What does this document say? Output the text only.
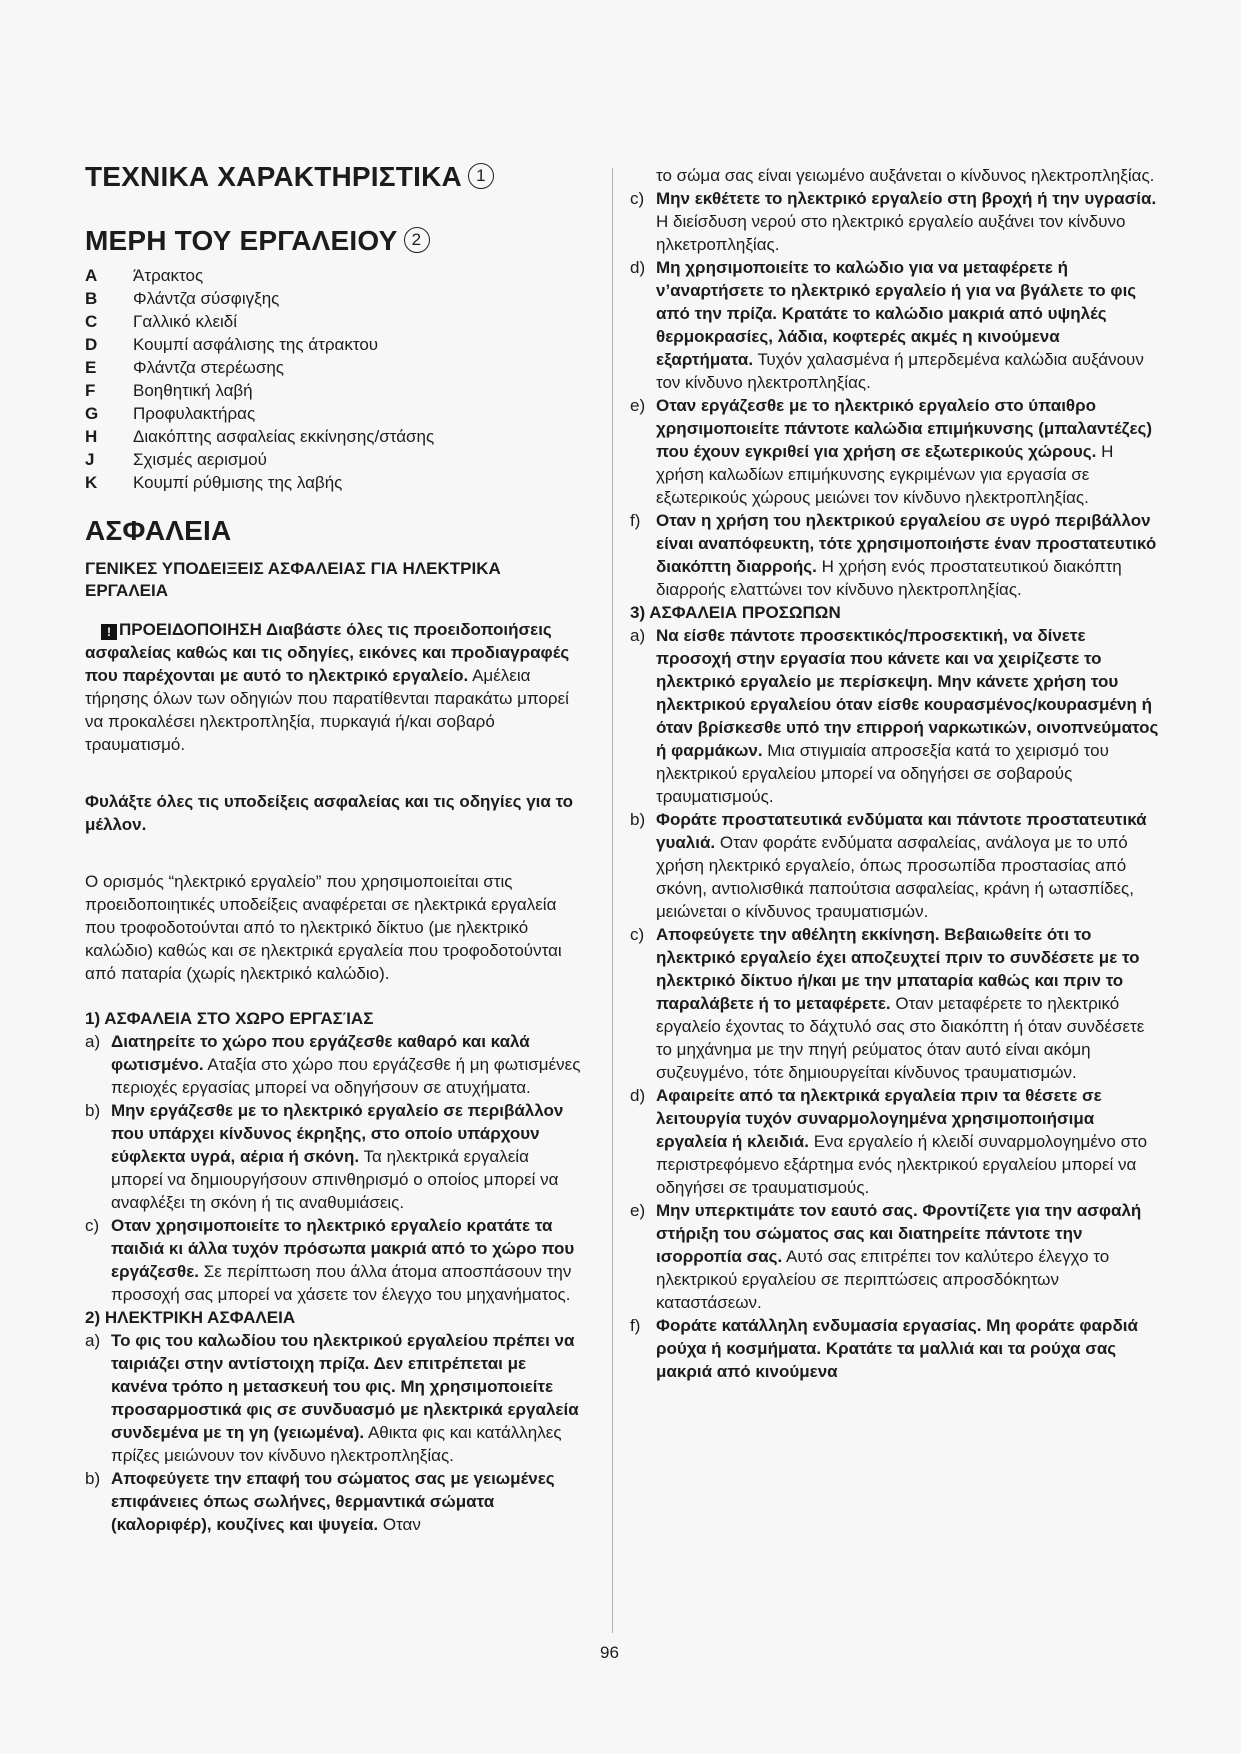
ΤΕΧΝΙΚΑ ΧΑΡΑΚΤΗΡΙΣΤΙΚΑ 1
ΜΕΡΗ ΤΟΥ ΕΡΓΑΛΕΙΟΥ 2
A	Άτρακτος
B	Φλάντζα σύσφιγξης
C	Γαλλικό κλειδί
D	Κουμπί ασφάλισης της άτρακτου
E	Φλάντζα στερέωσης
F	Βοηθητική λαβή
G	Προφυλακτήρας
H	Διακόπτης ασφαλείας εκκίνησης/στάσης
J	Σχισμές αερισμού
K	Κουμπί ρύθμισης της λαβής
ΑΣΦΑΛΕΙΑ
ΓΕΝΙΚΕΣ ΥΠΟΔΕΙΞΕΙΣ ΑΣΦΑΛΕΙΑΣ ΓΙΑ ΗΛΕΚΤΡΙΚΑ ΕΡΓΑΛΕΙΑ

! ΠΡΟΕΙΔΟΠΟΙΗΣΗ Διαβάστε όλες τις προειδοποιήσεις ασφαλείας καθώς και τις οδηγίες, εικόνες και προδιαγραφές που παρέχονται με αυτό το ηλεκτρικό εργαλείο. Αμέλεια τήρησης όλων των οδηγιών που παρατίθενται παρακάτω μπορεί να προκαλέσει ηλεκτροπληξία, πυρκαγιά ή/και σοβαρό τραυματισμό.

Φυλάξτε όλες τις υποδείξεις ασφαλείας και τις οδηγίες για το μέλλον.

Ο ορισμός “ηλεκτρικό εργαλείο” που χρησιμοποιείται στις προειδοποιητικές υποδείξεις αναφέρεται σε ηλεκτρικά εργαλεία που τροφοδοτούνται από το ηλεκτρικό δίκτυο (με ηλεκτρικό καλώδιο) καθώς και σε ηλεκτρικά εργαλεία που τροφοδοτούνται από παταρία (χωρίς ηλεκτρικό καλώδιο).

1) ΑΣΦΑΛΕΙΑ ΣΤΟ ΧΩΡΟ ΕΡΓΑΣΊΑΣ
a) Διατηρείτε το χώρο που εργάζεσθε καθαρό και καλά φωτισμένο. Αταξία στο χώρο που εργάζεσθε ή μη φωτισμένες περιοχές εργασίας μπορεί να οδηγήσουν σε ατυχήματα.
b) Μην εργάζεσθε με το ηλεκτρικό εργαλείο σε περιβάλλον που υπάρχει κίνδυνος έκρηξης, στο οποίο υπάρχουν εύφλεκτα υγρά, αέρια ή σκόνη. Τα ηλεκτρικά εργαλεία μπορεί να δημιουργήσουν σπινθηρισμό ο οποίος μπορεί να αναφλέξει τη σκόνη ή τις αναθυμιάσεις.
c) Οταν χρησιμοποιείτε το ηλεκτρικό εργαλείο κρατάτε τα παιδιά κι άλλα τυχόν πρόσωπα μακριά από το χώρο που εργάζεσθε. Σε περίπτωση που άλλα άτομα αποσπάσουν την προσοχή σας μπορεί να χάσετε τον έλεγχο του μηχανήματος.
2) ΗΛΕΚΤΡΙΚΗ ΑΣΦΑΛΕΙΑ
a) Το φις του καλωδίου του ηλεκτρικού εργαλείου πρέπει να ταιριάζει στην αντίστοιχη πρίζα. Δεν επιτρέπεται με κανένα τρόπο η μετασκευή του φις. Μη χρησιμοποιείτε προσαρμοστικά φις σε συνδυασμό με ηλεκτρικά εργαλεία συνδεμένα με τη γη (γειωμένα). Αθικτα φις και κατάλληλες πρίζες μειώνουν τον κίνδυνο ηλεκτροπληξίας.
b) Αποφεύγετε την επαφή του σώματος σας με γειωμένες επιφάνειες όπως σωλήνες, θερμαντικά σώματα (καλοριφέρ), κουζίνες και ψυγεία. Οταν

το σώμα σας είναι γειωμένο αυξάνεται ο κίνδυνος ηλεκτροπληξίας.

c) Μην εκθέτετε το ηλεκτρικό εργαλείο στη βροχή ή την υγρασία. Η διείσδυση νερού στο ηλεκτρικό εργαλείο αυξάνει τον κίνδυνο ηλκετροπληξίας.
d) Μη χρησιμοποιείτε το καλώδιο για να μεταφέρετε ή ν’αναρτήσετε το ηλεκτρικό εργαλείο ή για να βγάλετε το φις από την πρίζα. Κρατάτε το καλώδιο μακριά από υψηλές θερμοκρασίες, λάδια, κοφτερές ακμές η κινούμενα εξαρτήματα. Τυχόν χαλασμένα ή μπερδεμένα καλώδια αυξάνουν τον κίνδυνο ηλεκτροπληξίας.
e) Οταν εργάζεσθε με το ηλεκτρικό εργαλείο στο ύπαιθρο χρησιμοποιείτε πάντοτε καλώδια επιμήκυνσης (μπαλαντέζες) που έχουν εγκριθεί για χρήση σε εξωτερικούς χώρους. Η χρήση καλωδίων επιμήκυνσης εγκριμένων για εργασία σε εξωτερικούς χώρους μειώνει τον κίνδυνο ηλεκτροπληξίας.
f) Οταν η χρήση του ηλεκτρικού εργαλείου σε υγρό περιβάλλον είναι αναπόφευκτη, τότε χρησιμοποιήστε έναν προστατευτικό διακόπτη διαρροής. Η χρήση ενός προστατευτικού διακόπτη διαρροής ελαττώνει τον κίνδυνο ηλεκτροπληξίας.
3) ΑΣΦΑΛΕΙΑ ΠΡΟΣΩΠΩΝ
a) Να είσθε πάντοτε προσεκτικός/προσεκτική, να δίνετε προσοχή στην εργασία που κάνετε και να χειρίζεστε το ηλεκτρικό εργαλείο με περίσκεψη. Μην κάνετε χρήση του ηλεκτρικού εργαλείου όταν είσθε κουρασμένος/κουρασμένη ή όταν βρίσκεσθε υπό την επιρροή ναρκωτικών, οινοπνεύματος ή φαρμάκων. Μια στιγμιαία απροσεξία κατά το χειρισμό του ηλεκτρικού εργαλείου μπορεί να οδηγήσει σε σοβαρούς τραυματισμούς.
b) Φοράτε προστατευτικά ενδύματα και πάντοτε προστατευτικά γυαλιά. Οταν φοράτε ενδύματα ασφαλείας, ανάλογα με το υπό χρήση ηλεκτρικό εργαλείο, όπως προσωπίδα προστασίας από σκόνη, αντιολισθικά παπούτσια ασφαλείας, κράνη ή ωτασπίδες, μειώνεται ο κίνδυνος τραυματισμών.
c) Αποφεύγετε την αθέλητη εκκίνηση. Βεβαιωθείτε ότι το ηλεκτρικό εργαλείο έχει αποζευχτεί πριν το συνδέσετε με το ηλεκτρικό δίκτυο ή/και με την μπαταρία καθώς και πριν το παραλάβετε ή το μεταφέρετε. Οταν μεταφέρετε το ηλεκτρικό εργαλείο έχοντας το δάχτυλό σας στο διακόπτη ή όταν συνδέσετε το μηχάνημα με την πηγή ρεύματος όταν αυτό είναι ακόμη συζευγμένο, τότε δημιουργείται κίνδυνος τραυματισμών.
d) Αφαιρείτε από τα ηλεκτρικά εργαλεία πριν τα θέσετε σε λειτουργία τυχόν συναρμολογημένα χρησιμοποιήσιμα εργαλεία ή κλειδιά. Ενα εργαλείο ή κλειδί συναρμολογημένο στο περιστρεφόμενο εξάρτημα ενός ηλεκτρικού εργαλείου μπορεί να οδηγήσει σε τραυματισμούς.
e) Μην υπερκτιμάτε τον εαυτό σας. Φροντίζετε για την ασφαλή στήριξη του σώματος σας και διατηρείτε πάντοτε την ισορροπία σας. Αυτό σας επιτρέπει τον καλύτερο έλεγχο το ηλεκτρικού εργαλείου σε περιπτώσεις απροσδόκητων καταστάσεων.
f) Φοράτε κατάλληλη ενδυμασία εργασίας. Μη φοράτε φαρδιά ρούχα ή κοσμήματα. Κρατάτε τα μαλλιά και τα ρούχα σας μακριά από κινούμενα
96
